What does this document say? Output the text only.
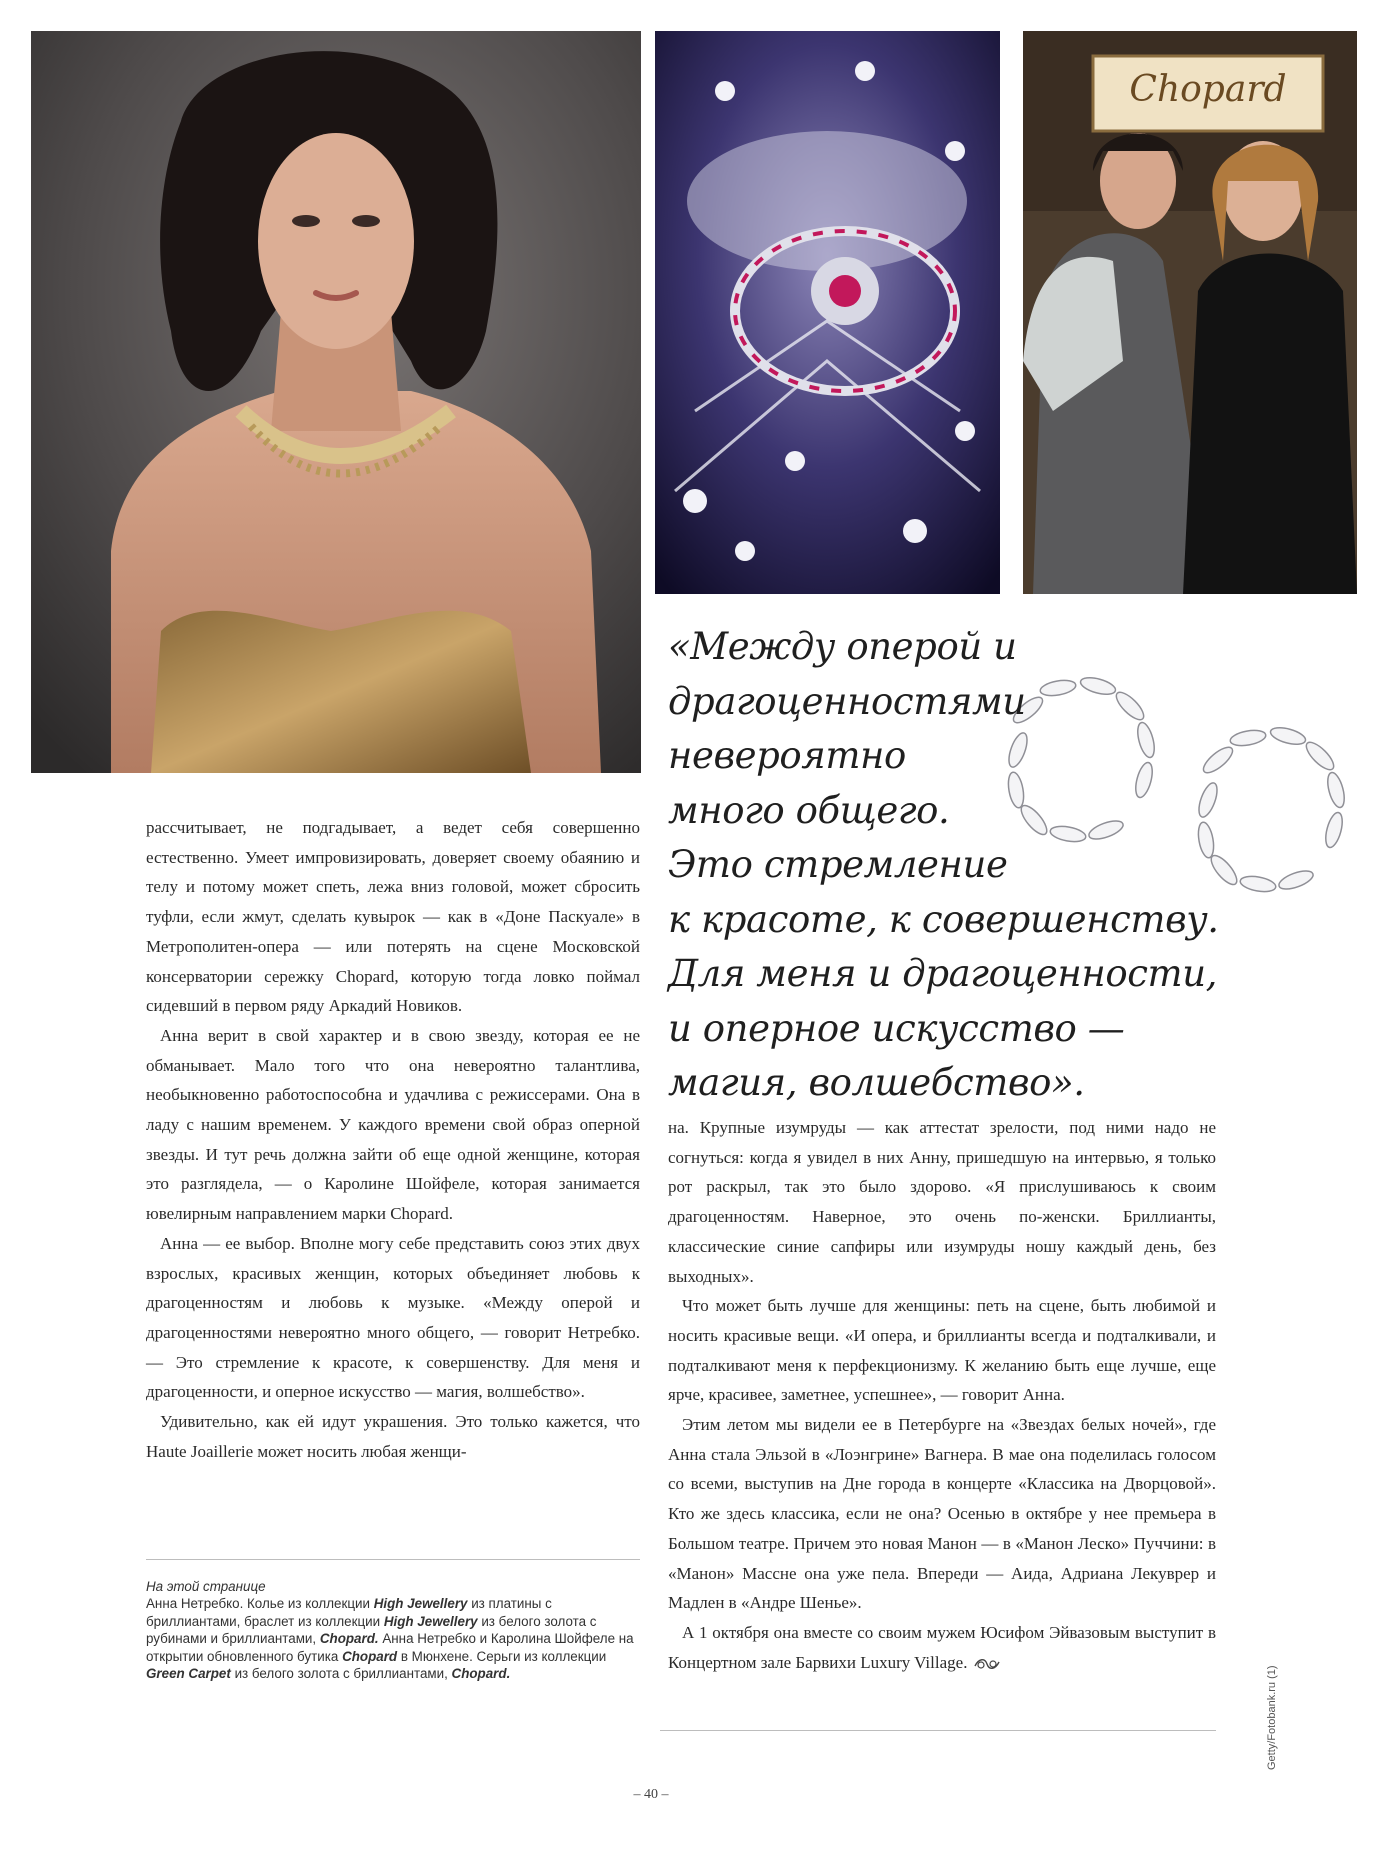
Chopard
«Между оперой и
драгоценностями
невероятно
много общего.
Это стремление
к красоте, к совершенству.
Для меня и драгоценности,
и оперное искусство —
магия, волшебство».

рассчитывает, не подгадывает, а ведет себя совершенно естественно. Умеет импровизировать, доверяет своему обаянию и телу и потому может спеть, лежа вниз головой, может сбросить туфли, если жмут, сделать кувырок — как в «Доне Паскуале» в Метрополитен-опера — или потерять на сцене Московской консерватории сережку Chopard, которую тогда ловко поймал сидевший в первом ряду Аркадий Новиков.

Анна верит в свой характер и в свою звезду, которая ее не обманывает. Мало того что она невероятно талантлива, необыкновенно работоспособна и удачлива с режиссерами. Она в ладу с нашим временем. У каждого времени свой образ оперной звезды. И тут речь должна зайти об еще одной женщине, которая это разглядела, — о Каролине Шойфеле, которая занимается ювелирным направлением марки Chopard.

Анна — ее выбор. Вполне могу себе представить союз этих двух взрослых, красивых женщин, которых объединяет любовь к драгоценностям и любовь к музыке. «Между оперой и драгоценностями невероятно много общего, — говорит Нетребко. — Это стремление к красоте, к совершенству. Для меня и драгоценности, и оперное искусство — магия, волшебство».

Удивительно, как ей идут украшения. Это только кажется, что Haute Joaillerie может носить любая женщи-

на. Крупные изумруды — как аттестат зрелости, под ними надо не согнуться: когда я увидел в них Анну, пришедшую на интервью, я только рот раскрыл, так это было здорово. «Я прислушиваюсь к своим драгоценностям. Наверное, это очень по-женски. Бриллианты, классические синие сапфиры или изумруды ношу каждый день, без выходных».

Что может быть лучше для женщины: петь на сцене, быть любимой и носить красивые вещи. «И опера, и бриллианты всегда и подталкивали, и подталкивают меня к перфекционизму. К желанию быть еще лучше, еще ярче, красивее, заметнее, успешнее», — говорит Анна.

Этим летом мы видели ее в Петербурге на «Звездах белых ночей», где Анна стала Эльзой в «Лоэнгрине» Вагнера. В мае она поделилась голосом со всеми, выступив на Дне города в концерте «Классика на Дворцовой». Кто же здесь классика, если не она? Осенью в октябре у нее премьера в Большом театре. Причем это новая Манон — в «Манон Леско» Пуччини: в «Манон» Массне она уже пела. Впереди — Аида, Адриана Лекуврер и Мадлен в «Андре Шенье».

А 1 октября она вместе со своим мужем Юсифом Эйвазовым выступит в Концертном зале Барвихи Luxury Village.

На этой странице
Анна Нетребко. Колье из коллекции High Jewellery из платины с бриллиантами, браслет из коллекции High Jewellery из белого золота с рубинами и бриллиантами, Chopard. Анна Нетребко и Каролина Шойфеле на открытии обновленного бутика Chopard в Мюнхене. Серьги из коллекции Green Carpet из белого золота с бриллиантами, Chopard.	Getty/Fotobank.ru (1)
– 40 –
